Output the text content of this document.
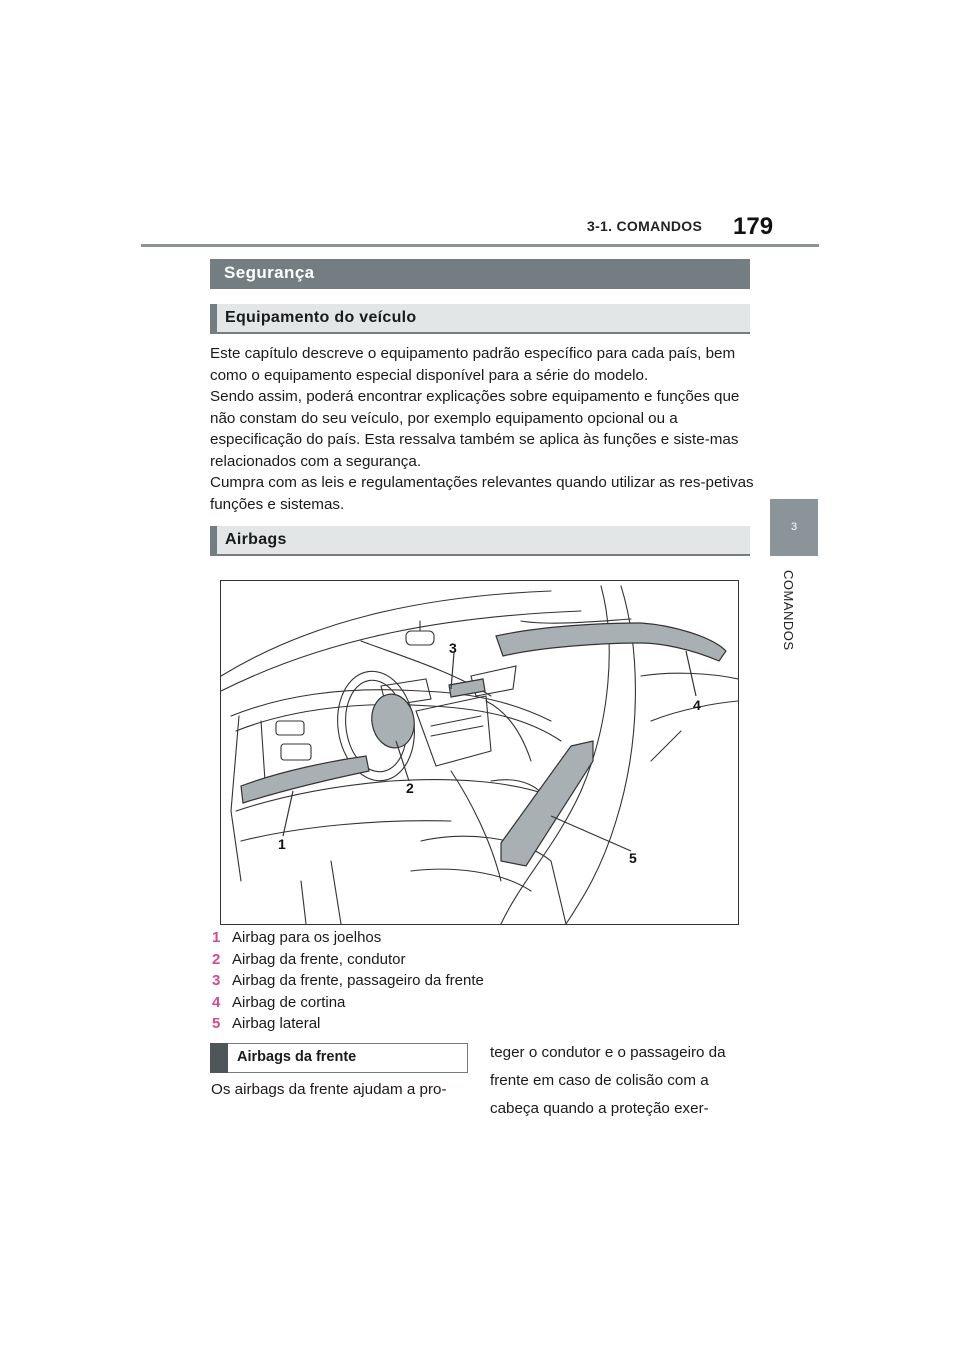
3-1. COMANDOS 179
3
COMANDOS
Segurança
Equipamento do veículo

Este capítulo descreve o equipamento padrão específico para cada país, bem como o equipamento especial disponível para a série do modelo.

Sendo assim, poderá encontrar explicações sobre equipamento e funções que não constam do seu veículo, por exemplo equipamento opcional ou a especificação do país. Esta ressalva também se aplica às funções e siste-mas relacionados com a segurança.

Cumpra com as leis e regulamentações relevantes quando utilizar as res-petivas funções e sistemas.

Airbags
1
2
3
4
5
1 Airbag para os joelhos
2 Airbag da frente, condutor
3 Airbag da frente, passageiro da frente
4 Airbag de cortina
5 Airbag lateral
Airbags da frente

Os airbags da frente ajudam a pro-

teger o condutor e o passageiro da frente em caso de colisão com a cabeça quando a proteção exer-
